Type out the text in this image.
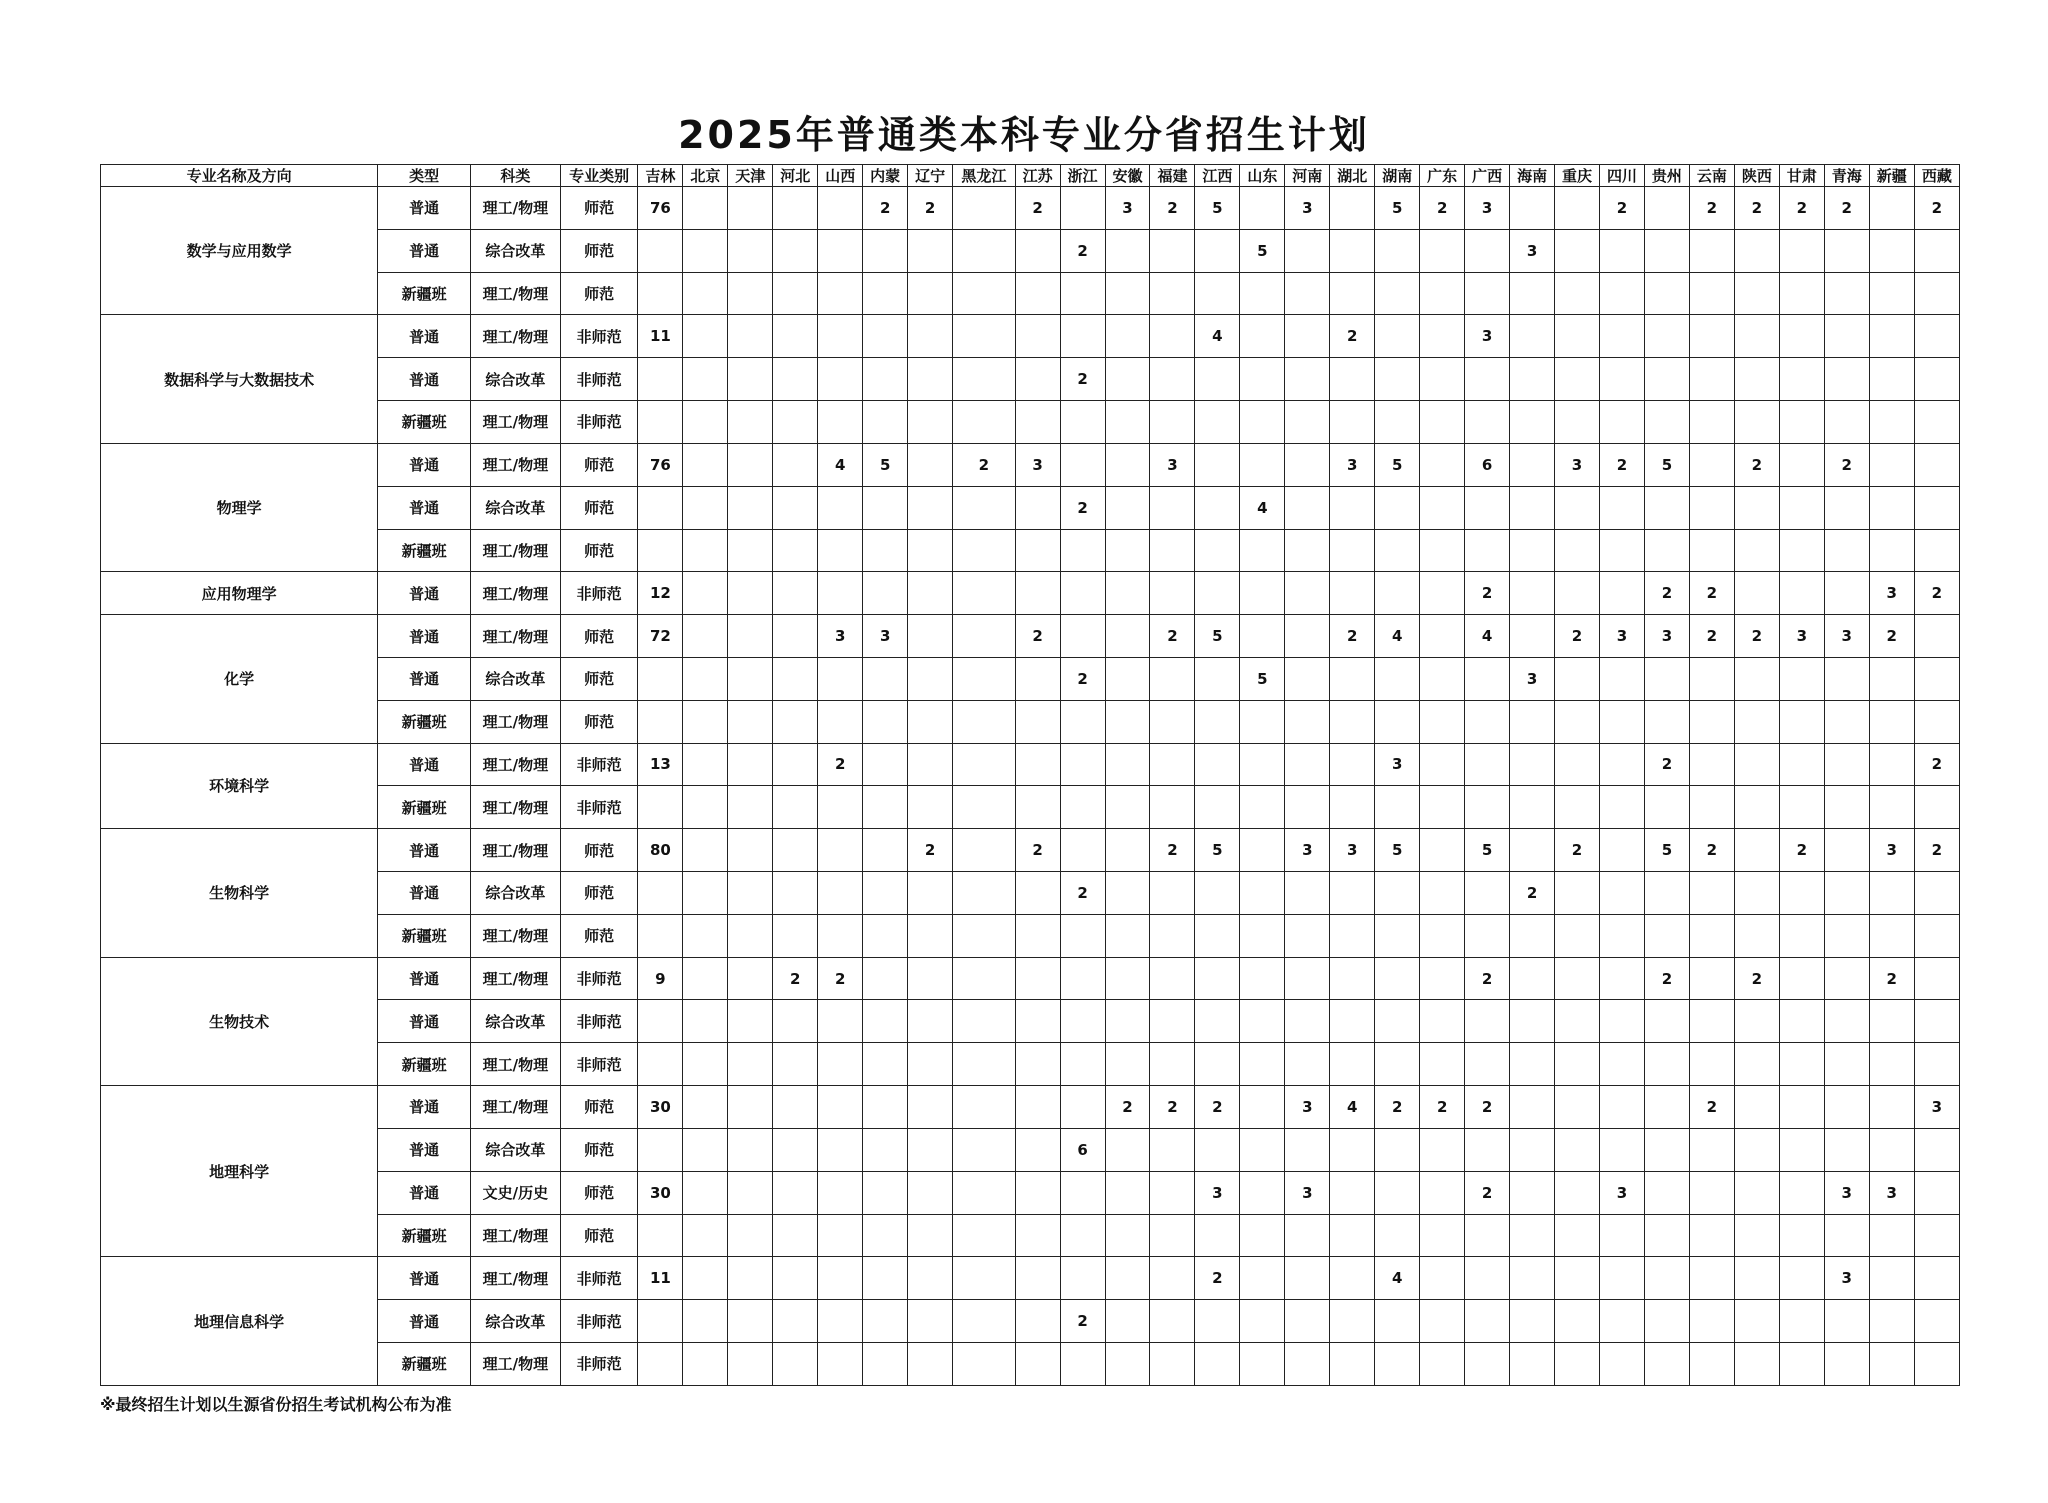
2025年普通类本科专业分省招生计划
专业名称及方向	类型	科类	专业类别	吉林	北京	天津	河北	山西	内蒙	辽宁	黑龙江	江苏	浙江	安徽	福建	江西	山东	河南	湖北	湖南	广东	广西	海南	重庆	四川	贵州	云南	陕西	甘肃	青海	新疆	西藏
数学与应用数学	普通	理工/物理	师范	76					2	2		2		3	2	5		3		5	2	3			2		2	2	2	2		2
	普通	综合改革	师范										2				5						3									
	新疆班	理工/物理	师范																													
数据科学与大数据技术	普通	理工/物理	非师范	11												4			2			3										
	普通	综合改革	非师范										2																			
	新疆班	理工/物理	非师范																													
物理学	普通	理工/物理	师范	76				4	5		2	3			3				3	5		6		3	2	5		2		2		
	普通	综合改革	师范										2				4															
	新疆班	理工/物理	师范																													
应用物理学	普通	理工/物理	非师范	12																		2				2	2				3	2
化学	普通	理工/物理	师范	72				3	3			2			2	5			2	4		4		2	3	3	2	2	3	3	2	
	普通	综合改革	师范										2				5						3									
	新疆班	理工/物理	师范																													
环境科学	普通	理工/物理	非师范	13				2												3						2						2
	新疆班	理工/物理	非师范																													
生物科学	普通	理工/物理	师范	80						2		2			2	5		3	3	5		5		2		5	2		2		3	2
	普通	综合改革	师范										2										2									
	新疆班	理工/物理	师范																													
生物技术	普通	理工/物理	非师范	9			2	2														2				2		2			2	
	普通	综合改革	非师范																													
	新疆班	理工/物理	非师范																													
地理科学	普通	理工/物理	师范	30										2	2	2		3	4	2	2	2					2					3
	普通	综合改革	师范										6																			
	普通	文史/历史	师范	30												3		3				2			3					3	3	
	新疆班	理工/物理	师范																													
地理信息科学	普通	理工/物理	非师范	11												2				4										3		
	普通	综合改革	非师范										2																			
	新疆班	理工/物理	非师范																													
※最终招生计划以生源省份招生考试机构公布为准
